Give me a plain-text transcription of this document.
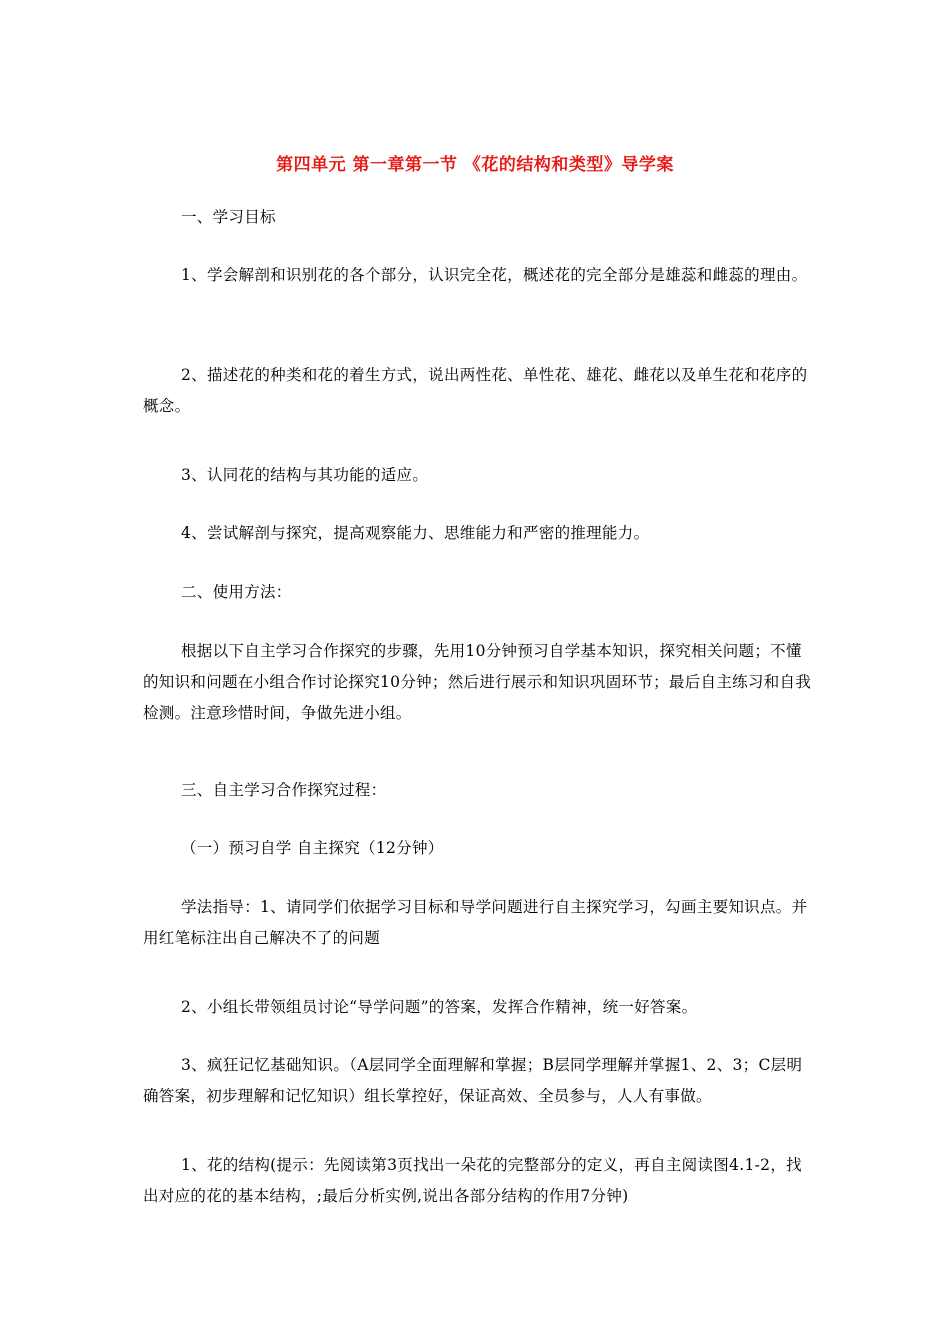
第四单元 第一章第一节 《花的结构和类型》导学案
一、学习目标
1、学会解剖和识别花的各个部分，认识完全花，概述花的完全部分是雄蕊和雌蕊的理由。
2、描述花的种类和花的着生方式，说出两性花、单性花、雄花、雌花以及单生花和花序的概念。
3、认同花的结构与其功能的适应。
4、尝试解剖与探究，提高观察能力、思维能力和严密的推理能力。
二、使用方法：
根据以下自主学习合作探究的步骤，先用10分钟预习自学基本知识，探究相关问题；不懂的知识和问题在小组合作讨论探究10分钟；然后进行展示和知识巩固环节；最后自主练习和自我检测。注意珍惜时间，争做先进小组。
三、自主学习合作探究过程：
（一）预习自学 自主探究（12分钟）
学法指导：1、请同学们依据学习目标和导学问题进行自主探究学习，勾画主要知识点。并用红笔标注出自己解决不了的问题
2、小组长带领组员讨论“导学问题”的答案，发挥合作精神，统一好答案。
3、疯狂记忆基础知识。（A层同学全面理解和掌握；B层同学理解并掌握1、2、3；C层明确答案，初步理解和记忆知识）组长掌控好，保证高效、全员参与，人人有事做。
1、花的结构(提示：先阅读第3页找出一朵花的完整部分的定义，再自主阅读图4.1-2，找出对应的花的基本结构，;最后分析实例,说出各部分结构的作用7分钟)
